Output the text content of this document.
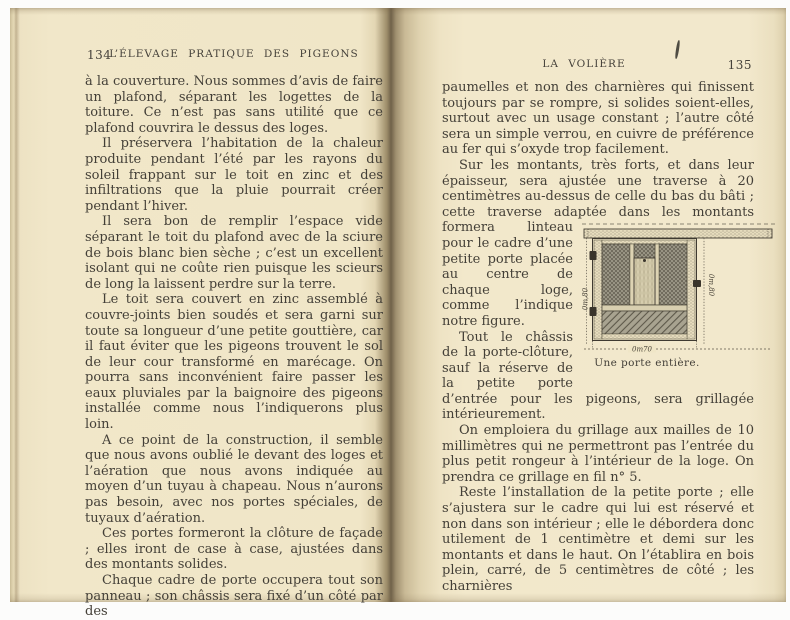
134
L’ÉLEVAGE PRATIQUE DES PIGEONS

à la couverture. Nous sommes d’avis de faire un plafond, séparant les logettes de la toiture. Ce n’est pas sans utilité que ce plafond couvrira le dessus des loges.

Il préservera l’habitation de la chaleur produite pendant l’été par les rayons du soleil frappant sur le toit en zinc et des infiltrations que la pluie pourrait créer pendant l’hiver.

Il sera bon de remplir l’espace vide séparant le toit du plafond avec de la sciure de bois blanc bien sèche ; c’est un excellent isolant qui ne coûte rien puisque les scieurs de long la laissent perdre sur la terre.

Le toit sera couvert en zinc assemblé à couvre-joints bien soudés et sera garni sur toute sa longueur d’une petite gouttière, car il faut éviter que les pigeons trouvent le sol de leur cour transformé en marécage. On pourra sans inconvénient faire passer les eaux pluviales par la baignoire des pigeons installée comme nous l’indiquerons plus loin.

A ce point de la construction, il semble que nous avons oublié le devant des loges et l’aération que nous avons indiquée au moyen d’un tuyau à chapeau. Nous n’aurons pas besoin, avec nos portes spéciales, de tuyaux d’aération.

Ces portes formeront la clôture de façade ; elles iront de case à case, ajustées dans des montants solides.

Chaque cadre de porte occupera tout son panneau ; son châssis sera fixé d’un côté par des

LA VOLIÈRE	135

paumelles et non des charnières qui finissent toujours par se rompre, si solides soient-elles, surtout avec un usage constant ; l’autre côté sera un simple verrou, en cuivre de préférence au fer qui s’oxyde trop facilement.

Sur les montants, très forts, et dans leur épaisseur, sera ajustée une traverse à 20 centimètres au-dessus de celle du bas du bâti ; cette traverse adaptée dans les montants formera linteau
0m,80
0m,80
0m70
Une porte entière.
pour le cadre d’une petite porte placée au centre de chaque loge, comme l’indique notre figure.

Tout le châssis de la porte-clôture, sauf la réserve de la petite porte d’entrée pour les pigeons, sera grillagée intérieurement.

On emploiera du grillage aux mailles de 10 millimètres qui ne permettront pas l’entrée du plus petit rongeur à l’intérieur de la loge. On prendra ce grillage en fil n° 5.

Reste l’installation de la petite porte ; elle s’ajustera sur le cadre qui lui est réservé et non dans son intérieur ; elle le débordera donc utilement de 1 centimètre et demi sur les montants et dans le haut. On l’établira en bois plein, carré, de 5 centimètres de côté ; les charnières
